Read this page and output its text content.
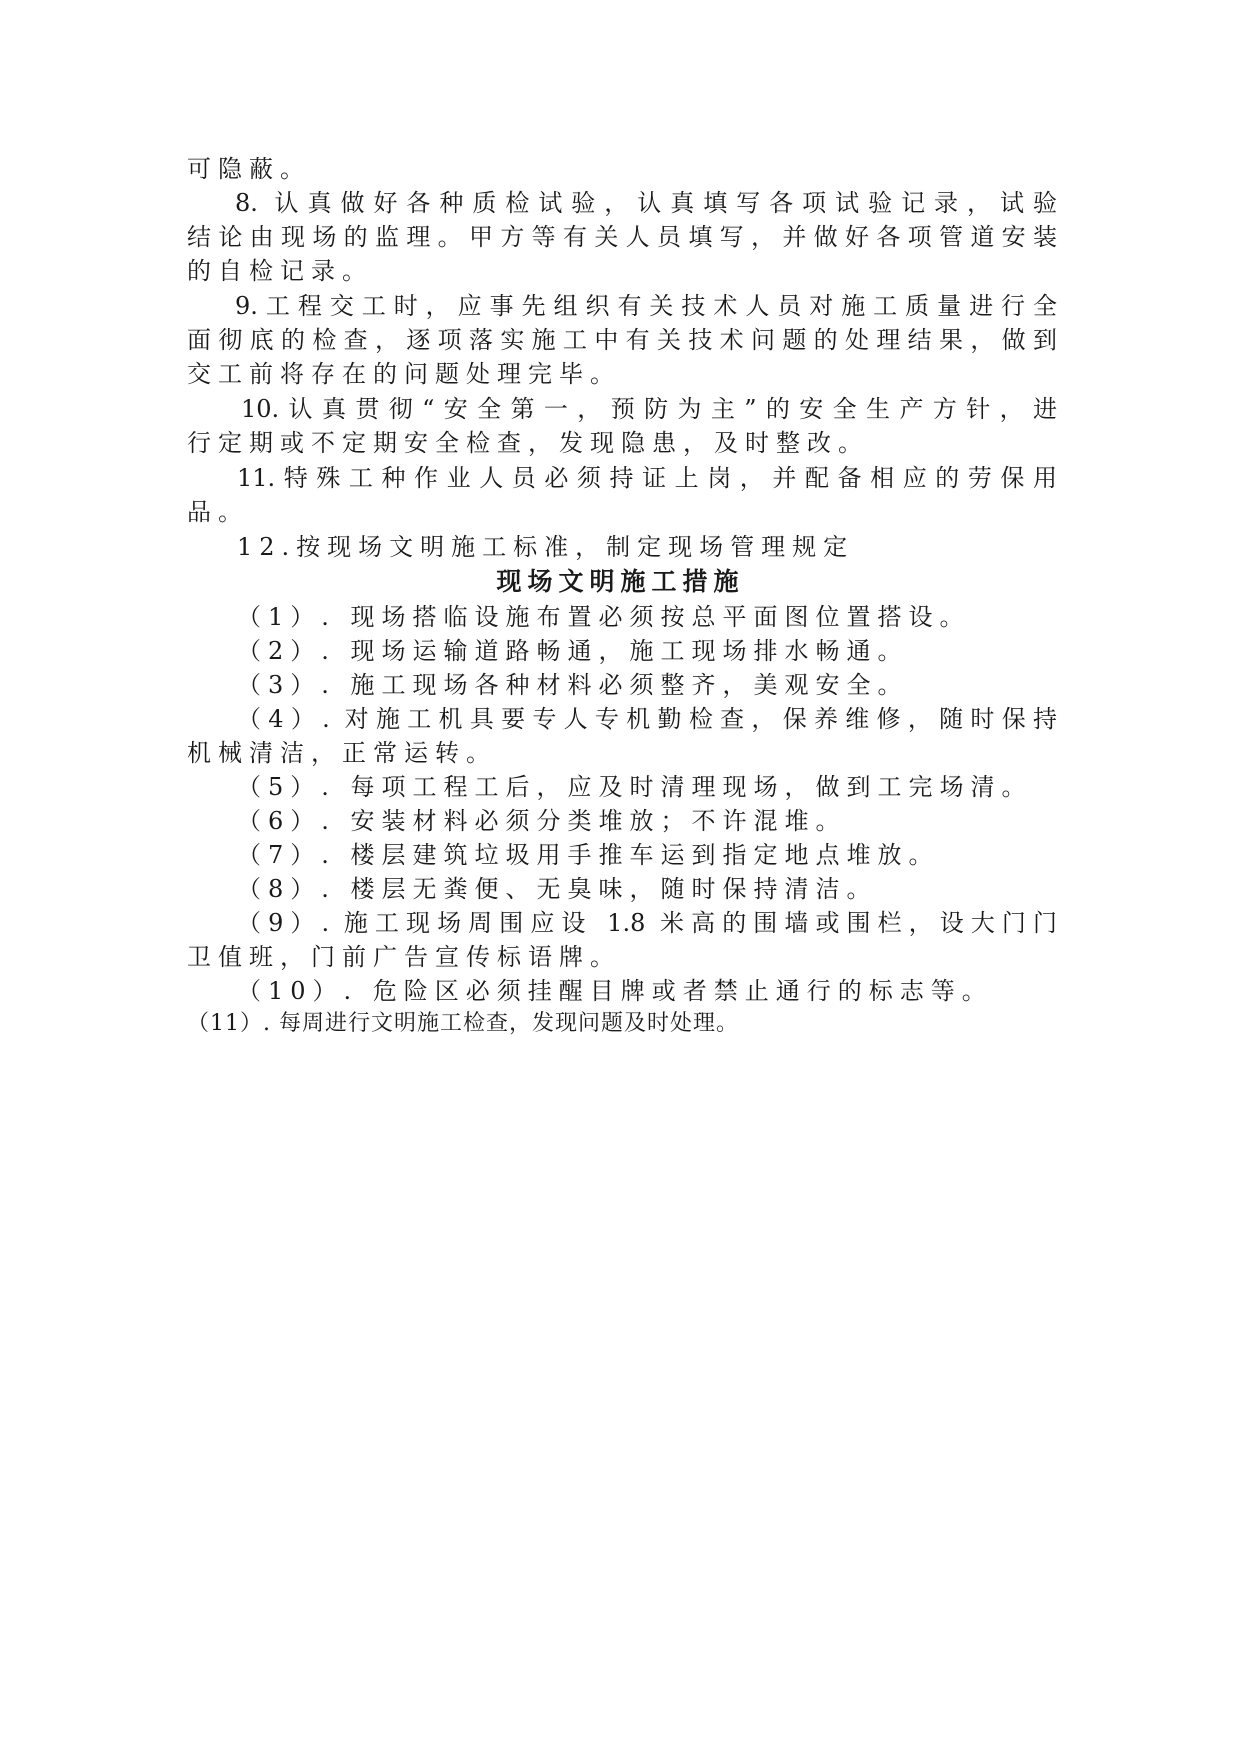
可隐蔽。
8. 认真做好各种质检试验，认真填写各项试验记录，试验
结论由现场的监理。甲方等有关人员填写，并做好各项管道安装
的自检记录。
9.工程交工时，应事先组织有关技术人员对施工质量进行全
面彻底的检查，逐项落实施工中有关技术问题的处理结果，做到
交工前将存在的问题处理完毕。
10.认真贯彻“安全第一，预防为主”的安全生产方针，进
行定期或不定期安全检查，发现隐患，及时整改。
11.特殊工种作业人员必须持证上岗，并配备相应的劳保用
品。
12.按现场文明施工标准，制定现场管理规定
现场文明施工措施
（1）. 现场搭临设施布置必须按总平面图位置搭设。
（2）. 现场运输道路畅通，施工现场排水畅通。
（3）. 施工现场各种材料必须整齐，美观安全。
（4）. 对施工机具要专人专机勤检查，保养维修，随时保持
机械清洁，正常运转。
（5）. 每项工程工后，应及时清理现场，做到工完场清。
（6）. 安装材料必须分类堆放；不许混堆。
（7）. 楼层建筑垃圾用手推车运到指定地点堆放。
（8）. 楼层无粪便、无臭味，随时保持清洁。
（9）. 施工现场周围应设 1.8 米高的围墙或围栏，设大门门
卫值班，门前广告宣传标语牌。
（10）. 危险区必须挂醒目牌或者禁止通行的标志等。
（11）. 每周进行文明施工检查，发现问题及时处理。
